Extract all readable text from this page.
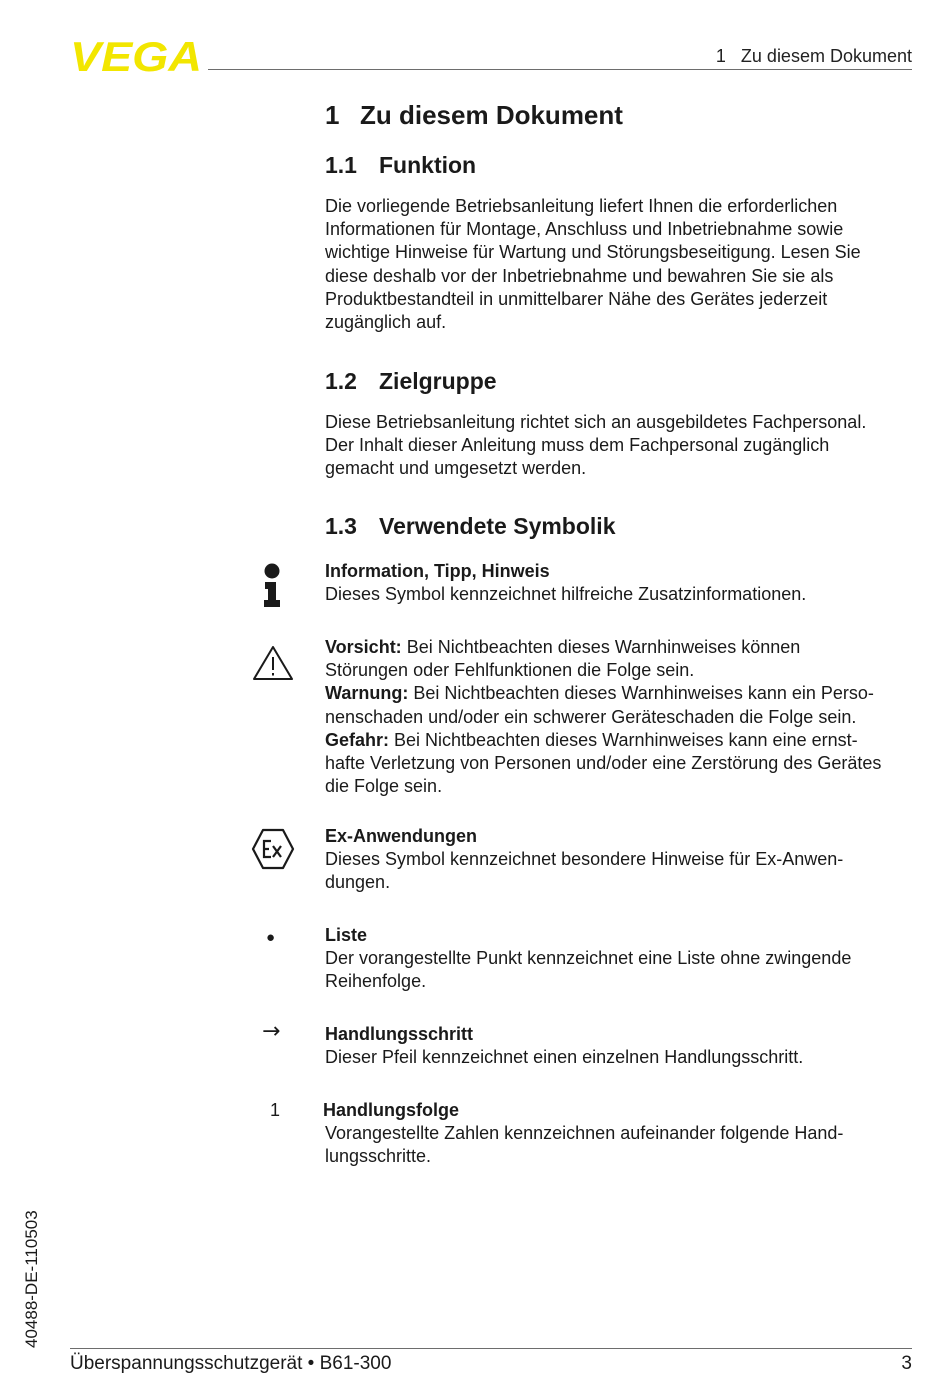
VEGA	1   Zu diesem Dokument
1 Zu diesem Dokument
1.1 Funktion

Die vorliegende Betriebsanleitung liefert Ihnen die erforderlichen
Informationen für Montage, Anschluss und Inbetriebnahme sowie
wichtige Hinweise für Wartung und Störungsbeseitigung. Lesen Sie
diese deshalb vor der Inbetriebnahme und bewahren Sie sie als
Produktbestandteil in unmittelbarer Nähe des Gerätes jederzeit
zugänglich auf.

1.2 Zielgruppe

Diese Betriebsanleitung richtet sich an ausgebildetes Fachpersonal.
Der Inhalt dieser Anleitung muss dem Fachpersonal zugänglich
gemacht und umgesetzt werden.

1.3 Verwendete Symbolik
Information, Tipp, Hinweis
Dieses Symbol kennzeichnet hilfreiche Zusatzinformationen.
Vorsicht: Bei Nichtbeachten dieses Warnhinweises können
Störungen oder Fehlfunktionen die Folge sein.
Warnung: Bei Nichtbeachten dieses Warnhinweises kann ein Perso-
nenschaden und/oder ein schwerer Geräteschaden die Folge sein.
Gefahr: Bei Nichtbeachten dieses Warnhinweises kann eine ernst-
hafte Verletzung von Personen und/oder eine Zerstörung des Gerätes
die Folge sein.
Ex-Anwendungen
Dieses Symbol kennzeichnet besondere Hinweise für Ex-Anwen-
dungen.
●	Liste
Der vorangestellte Punkt kennzeichnet eine Liste ohne zwingende
Reihenfolge.
→ Handlungsschritt
Dieser Pfeil kennzeichnet einen einzelnen Handlungsschritt.
1 Handlungsfolge
Vorangestellte Zahlen kennzeichnen aufeinander folgende Hand-
lungsschritte.
40488-DE-110503
Überspannungsschutzgerät • B61-300	3
